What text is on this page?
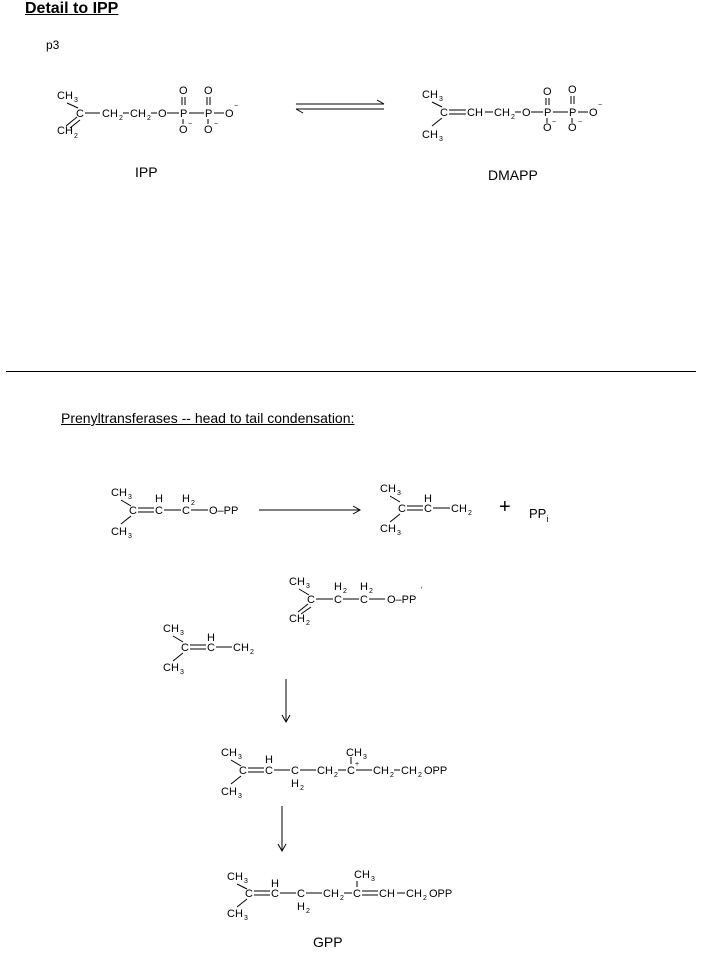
Detail to IPP
p3
CH 3
C
CH 2
CH 2 CH 2 O P
O
O −
P
O
O −
O
−
CH 3
C
CH 3
CH CH 2 O P
O
O −
P
O
O −
O
−
CH 3
C
CH 3
C
H
C
H 2
O–PP
CH 3
C
CH 3
C
H
CH $2 + PP_i$
CH 3
C
CH 2
C
H 2
C
H 2
O–PP
ʹ
CH 3
C
CH 3
C
H
CH 2
CH 3
C
CH 3
C
H
C
H 2
CH 2 C
+
CH 3
CH 2 CH 2 OPP
CH 3
C
CH 3
C
H
C
H 2
CH 2 C
CH 3
CH CH 2 OPP
IPP	DMAPP
Prenyltransferases -- head to tail condensation:
GPP
